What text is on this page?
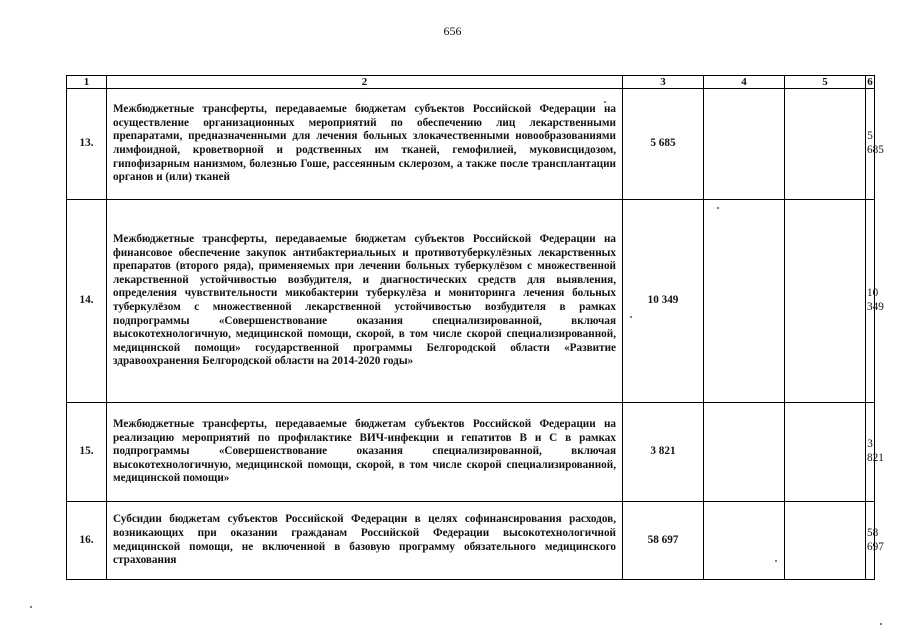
656
1	2	3	4	5	6
13.	Межбюджетные трансферты, передаваемые бюджетам субъектов Российской Федерации на осуществление организационных мероприятий по обеспечению лиц лекарственными препаратами, предназначенными для лечения больных злокачественными новообразованиями лимфоидной, кроветворной и родственных им тканей, гемофилией, муковисцидозом, гипофизарным нанизмом, болезнью Гоше, рассеянным склерозом, а также после трансплантации органов и (или) тканей	5 685			5 685
14.	Межбюджетные трансферты, передаваемые бюджетам субъектов Российской Федерации на финансовое обеспечение закупок антибактериальных и противотуберкулёзных лекарственных препаратов (второго ряда), применяемых при лечении больных туберкулёзом с множественной лекарственной устойчивостью возбудителя, и диагностических средств для выявления, определения чувствительности микобактерии туберкулёза и мониторинга лечения больных туберкулёзом с множественной лекарственной устойчивостью возбудителя в рамках подпрограммы «Совершенствование оказания специализированной, включая высокотехнологичную, медицинской помощи, скорой, в том числе скорой специализированной, медицинской помощи» государственной программы Белгородской области «Развитие здравоохранения Белгородской области на 2014-2020 годы»	10 349			10 349
15.	Межбюджетные трансферты, передаваемые бюджетам субъектов Российской Федерации на реализацию мероприятий по профилактике ВИЧ-инфекции и гепатитов В и С в рамках подпрограммы «Совершенствование оказания специализированной, включая высокотехнологичную, медицинской помощи, скорой, в том числе скорой специализированной, медицинской помощи»	3 821			3 821
16.	Субсидии бюджетам субъектов Российской Федерации в целях софинансирования расходов, возникающих при оказании гражданам Российской Федерации высокотехнологичной медицинской помощи, не включенной в базовую программу обязательного медицинского страхования	58 697			58 697
